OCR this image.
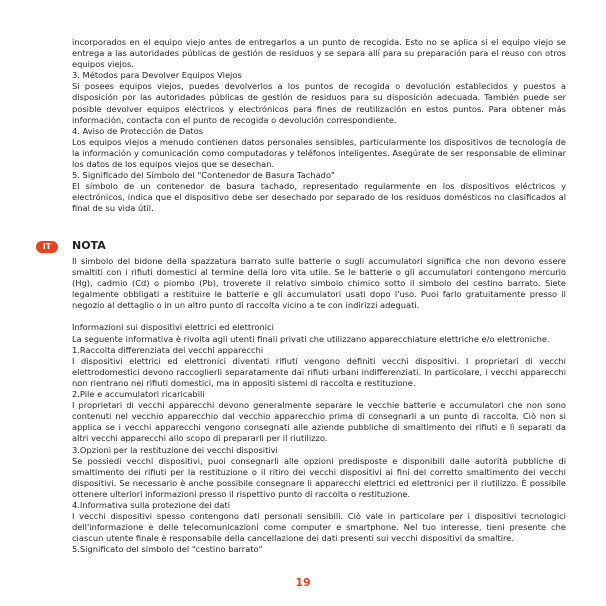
incorporados en el equipo viejo antes de entregarlos a un punto de recogida. Esto no se aplica si el equipo viejo se entrega a las autoridades públicas de gestión de residuos y se separa allí para su preparación para el reuso con otros equipos viejos.

3. Métodos para Devolver Equipos Viejos

Si posees equipos viejos, puedes devolverlos a los puntos de recogida o devolución establecidos y puestos a disposición por las autoridades públicas de gestión de residuos para su disposición adecuada. También puede ser posible devolver equipos eléctricos y electrónicos para fines de reutilización en estos puntos. Para obtener más información, contacta con el punto de recogida o devolución correspondiente.

4. Aviso de Protección de Datos

Los equipos viejos a menudo contienen datos personales sensibles, particularmente los dispositivos de tecnología de la información y comunicación como computadoras y teléfonos inteligentes. Asegúrate de ser responsable de eliminar los datos de los equipos viejos que se desechan.

5. Significado del Símbolo del "Contenedor de Basura Tachado"

El símbolo de un contenedor de basura tachado, representado regularmente en los dispositivos eléctricos y electrónicos, indica que el dispositivo debe ser desechado por separado de los residuos domésticos no clasificados al final de su vida útil.

IT	NOTA

Il simbolo del bidone della spazzatura barrato sulle batterie o sugli accumulatori significa che non devono essere smaltiti con i rifiuti domestici al termine della loro vita utile. Se le batterie o gli accumulatori contengono mercurio (Hg), cadmio (Cd) o piombo (Pb), troverete il relativo simbolo chimico sotto il simbolo del cestino barrato. Siete legalmente obbligati a restituire le batterie e gli accumulatori usati dopo l'uso. Puoi farlo gratuitamente presso il negozio al dettaglio o in un altro punto di raccolta vicino a te con indirizzi adeguati.

Informazioni sui dispositivi elettrici ed elettronici

La seguente informativa è rivolta agli utenti finali privati che utilizzano apparecchiature elettriche e/o elettroniche.

1.Raccolta differenziata dei vecchi apparecchi

I dispositivi elettrici ed elettronici diventati rifiuti vengono definiti vecchi dispositivi. I proprietari di vecchi elettrodomestici devono raccoglierli separatamente dai rifiuti urbani indifferenziati. In particolare, i vecchi apparecchi non rientrano nei rifiuti domestici, ma in appositi sistemi di raccolta e restituzione.

2.Pile e accumulatori ricaricabili

I proprietari di vecchi apparecchi devono generalmente separare le vecchie batterie e accumulatori che non sono contenuti nel vecchio apparecchio dal vecchio apparecchio prima di consegnarli a un punto di raccolta. Ciò non si applica se i vecchi apparecchi vengono consegnati alle aziende pubbliche di smaltimento dei rifiuti e lì separati da altri vecchi apparecchi allo scopo di prepararli per il riutilizzo.

3.Opzioni per la restituzione dei vecchi dispositivi

Se possiedi vecchi dispositivi, puoi consegnarli alle opzioni predisposte e disponibili dalle autorità pubbliche di smaltimento dei rifiuti per la restituzione o il ritiro dei vecchi dispositivi ai fini del corretto smaltimento dei vecchi dispositivi. Se necessario è anche possibile consegnare li apparecchi elettrici ed elettronici per il riutilizzo. È possibile ottenere ulteriori informazioni presso il rispettivo punto di raccolta o restituzione.

4.Informativa sulla protezione dei dati

I vecchi dispositivi spesso contengono dati personali sensibili. Ciò vale in particolare per i dispositivi tecnologici dell'informazione e delle telecomunicazioni come computer e smartphone. Nel tuo interesse, tieni presente che ciascun utente finale è responsabile della cancellazione dei dati presenti sui vecchi dispositivi da smaltire.

5.Significato del simbolo del "cestino barrato"

19
